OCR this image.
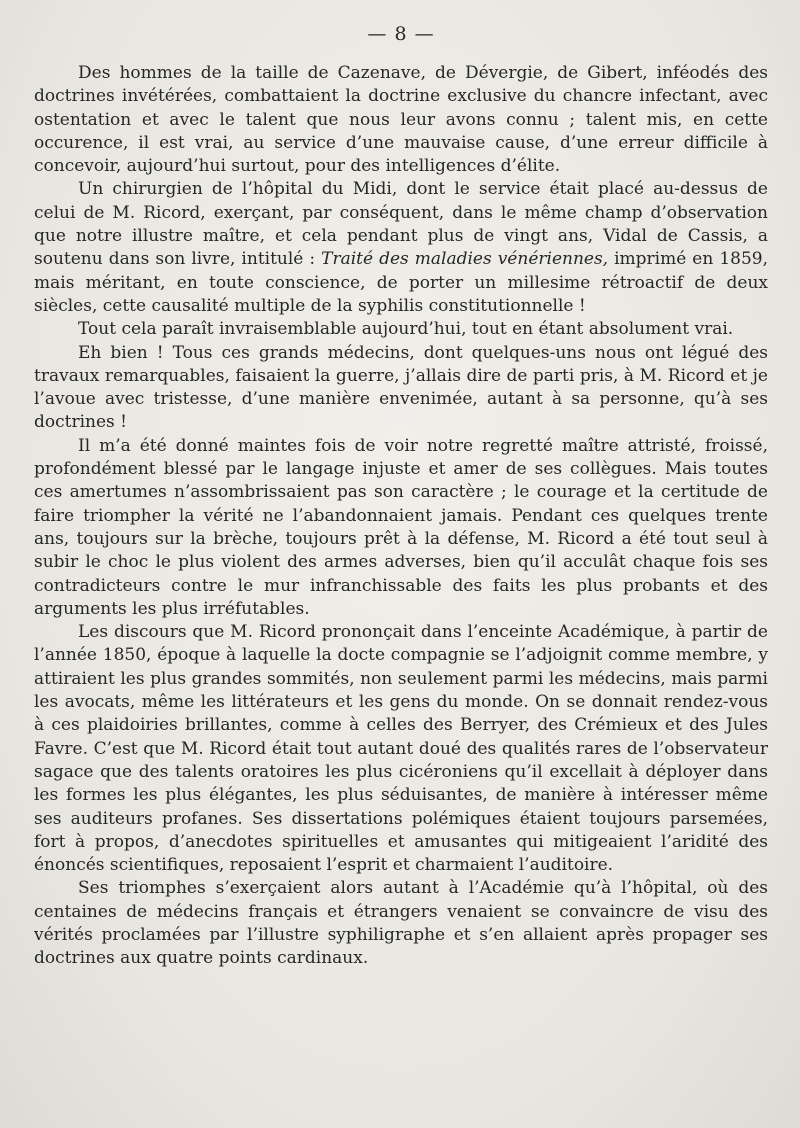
— 8 —

Des hommes de la taille de Cazenave, de Dévergie, de Gibert, inféodés des doctrines invétérées, combattaient la doctrine exclusive du chancre infectant, avec ostentation et avec le talent que nous leur avons connu ; talent mis, en cette occurence, il est vrai, au service d’une mauvaise cause, d’une erreur difficile à concevoir, aujourd’hui surtout, pour des intelligences d’élite.

Un chirurgien de l’hôpital du Midi, dont le service était placé au-dessus de celui de M. Ricord, exerçant, par conséquent, dans le même champ d’observation que notre illustre maître, et cela pendant plus de vingt ans, Vidal de Cassis, a soutenu dans son livre, intitulé : Traité des maladies vénériennes, imprimé en 1859, mais méritant, en toute conscience, de porter un millesime rétroactif de deux siècles, cette causalité multiple de la syphilis constitutionnelle !

Tout cela paraît invraisemblable aujourd’hui, tout en étant absolument vrai.

Eh bien ! Tous ces grands médecins, dont quelques-uns nous ont légué des travaux remarquables, faisaient la guerre, j’allais dire de parti pris, à M. Ricord et je l’avoue avec tristesse, d’une manière envenimée, autant à sa personne, qu’à ses doctrines !

Il m’a été donné maintes fois de voir notre regretté maître attristé, froissé, profondément blessé par le langage injuste et amer de ses collègues. Mais toutes ces amertumes n’assombrissaient pas son caractère ; le courage et la certitude de faire triompher la vérité ne l’abandonnaient jamais. Pendant ces quelques trente ans, toujours sur la brèche, toujours prêt à la défense, M. Ricord a été tout seul à subir le choc le plus violent des armes adverses, bien qu’il acculât chaque fois ses contradicteurs contre le mur infranchissable des faits les plus probants et des arguments les plus irréfutables.

Les discours que M. Ricord prononçait dans l’enceinte Académique, à partir de l’année 1850, époque à laquelle la docte compagnie se l’adjoignit comme membre, y attiraient les plus grandes sommités, non seulement parmi les médecins, mais parmi les avocats, même les littérateurs et les gens du monde. On se donnait rendez-vous à ces plaidoiries brillantes, comme à celles des Berryer, des Crémieux et des Jules Favre. C’est que M. Ricord était tout autant doué des qualités rares de l’observateur sagace que des talents oratoires les plus cicéroniens qu’il excellait à déployer dans les formes les plus élégantes, les plus séduisantes, de manière à intéresser même ses auditeurs profanes. Ses dissertations polémiques étaient toujours parsemées, fort à propos, d’anecdotes spirituelles et amusantes qui mitigeaient l’aridité des énoncés scientifiques, reposaient l’esprit et charmaient l’auditoire.

Ses triomphes s’exerçaient alors autant à l’Académie qu’à l’hôpital, où des centaines de médecins français et étrangers venaient se convaincre de visu des vérités proclamées par l’illustre syphiligraphe et s’en allaient après propager ses doctrines aux quatre points cardinaux.
